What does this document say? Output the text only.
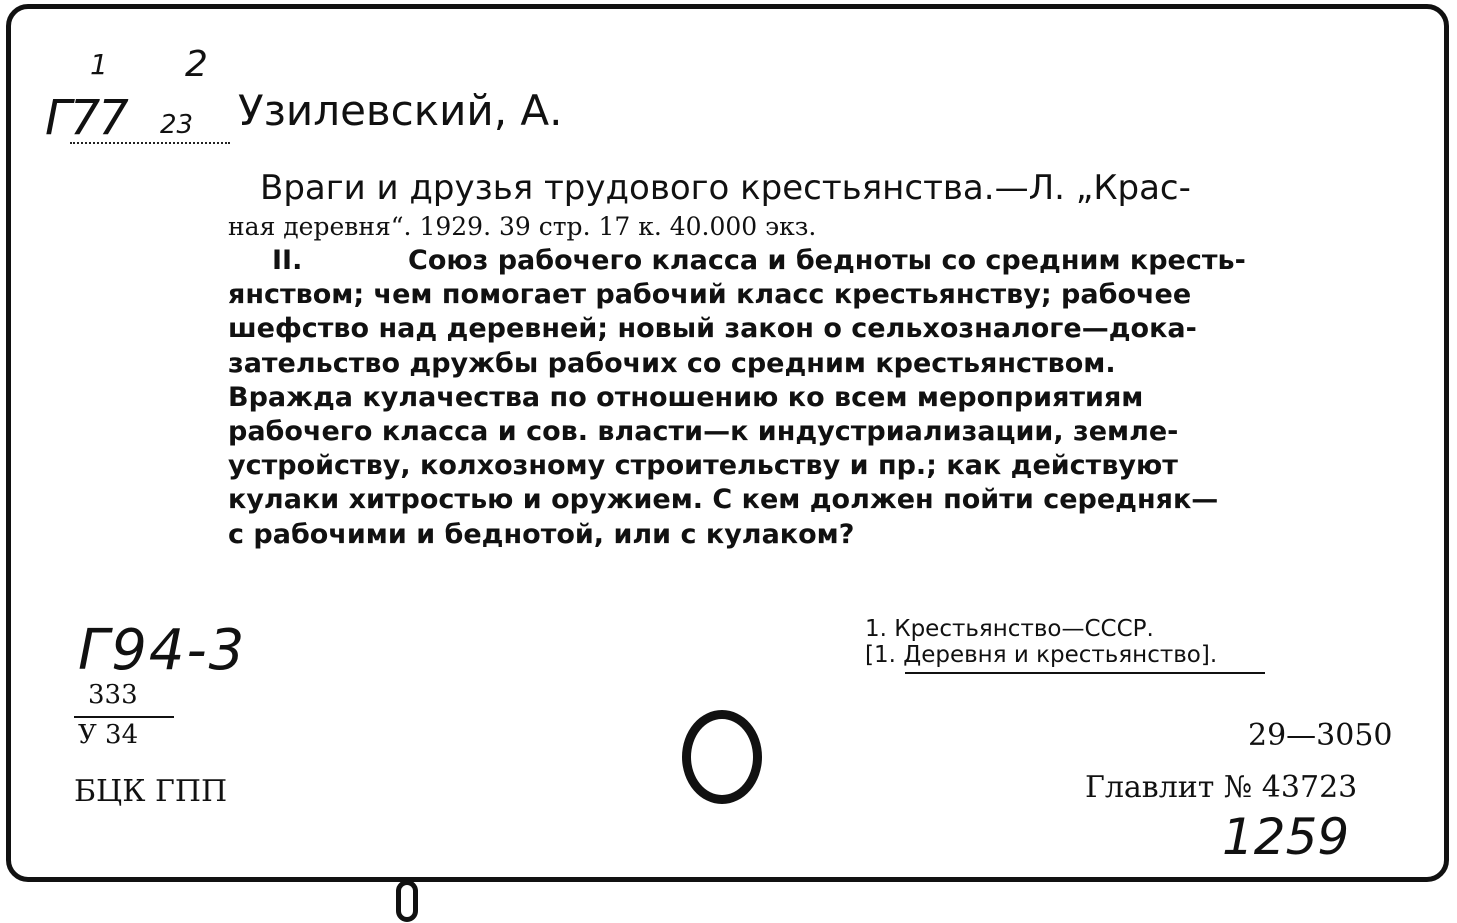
1 2
Г77 23 Узилевский, А.
Враги и друзья трудового крестьянства.—Л. „Крас-
ная деревня“. 1929. 39 стр. 17 к. 40.000 экз.
II.	Союз рабочего класса и бедноты со средним кресть-
янством; чем помогает рабочий класс крестьянству; рабочее
шефство над деревней; новый закон о сельхозналоге—дока-
зательство дружбы рабочих со средним крестьянством.
Вражда кулачества по отношению ко всем мероприятиям
рабочего класса и сов. власти—к индустриализации, земле-
устройству, колхозному строительству и пр.; как действуют
кулаки хитростью и оружием. С кем должен пойти середняк—
с рабочими и беднотой, или с кулаком?
Г94-3
333
У 34
БЦК ГПП
1. Крестьянство—СССР.
[1. Деревня и крестьянство].
29—3050
Главлит № 43723
1259
